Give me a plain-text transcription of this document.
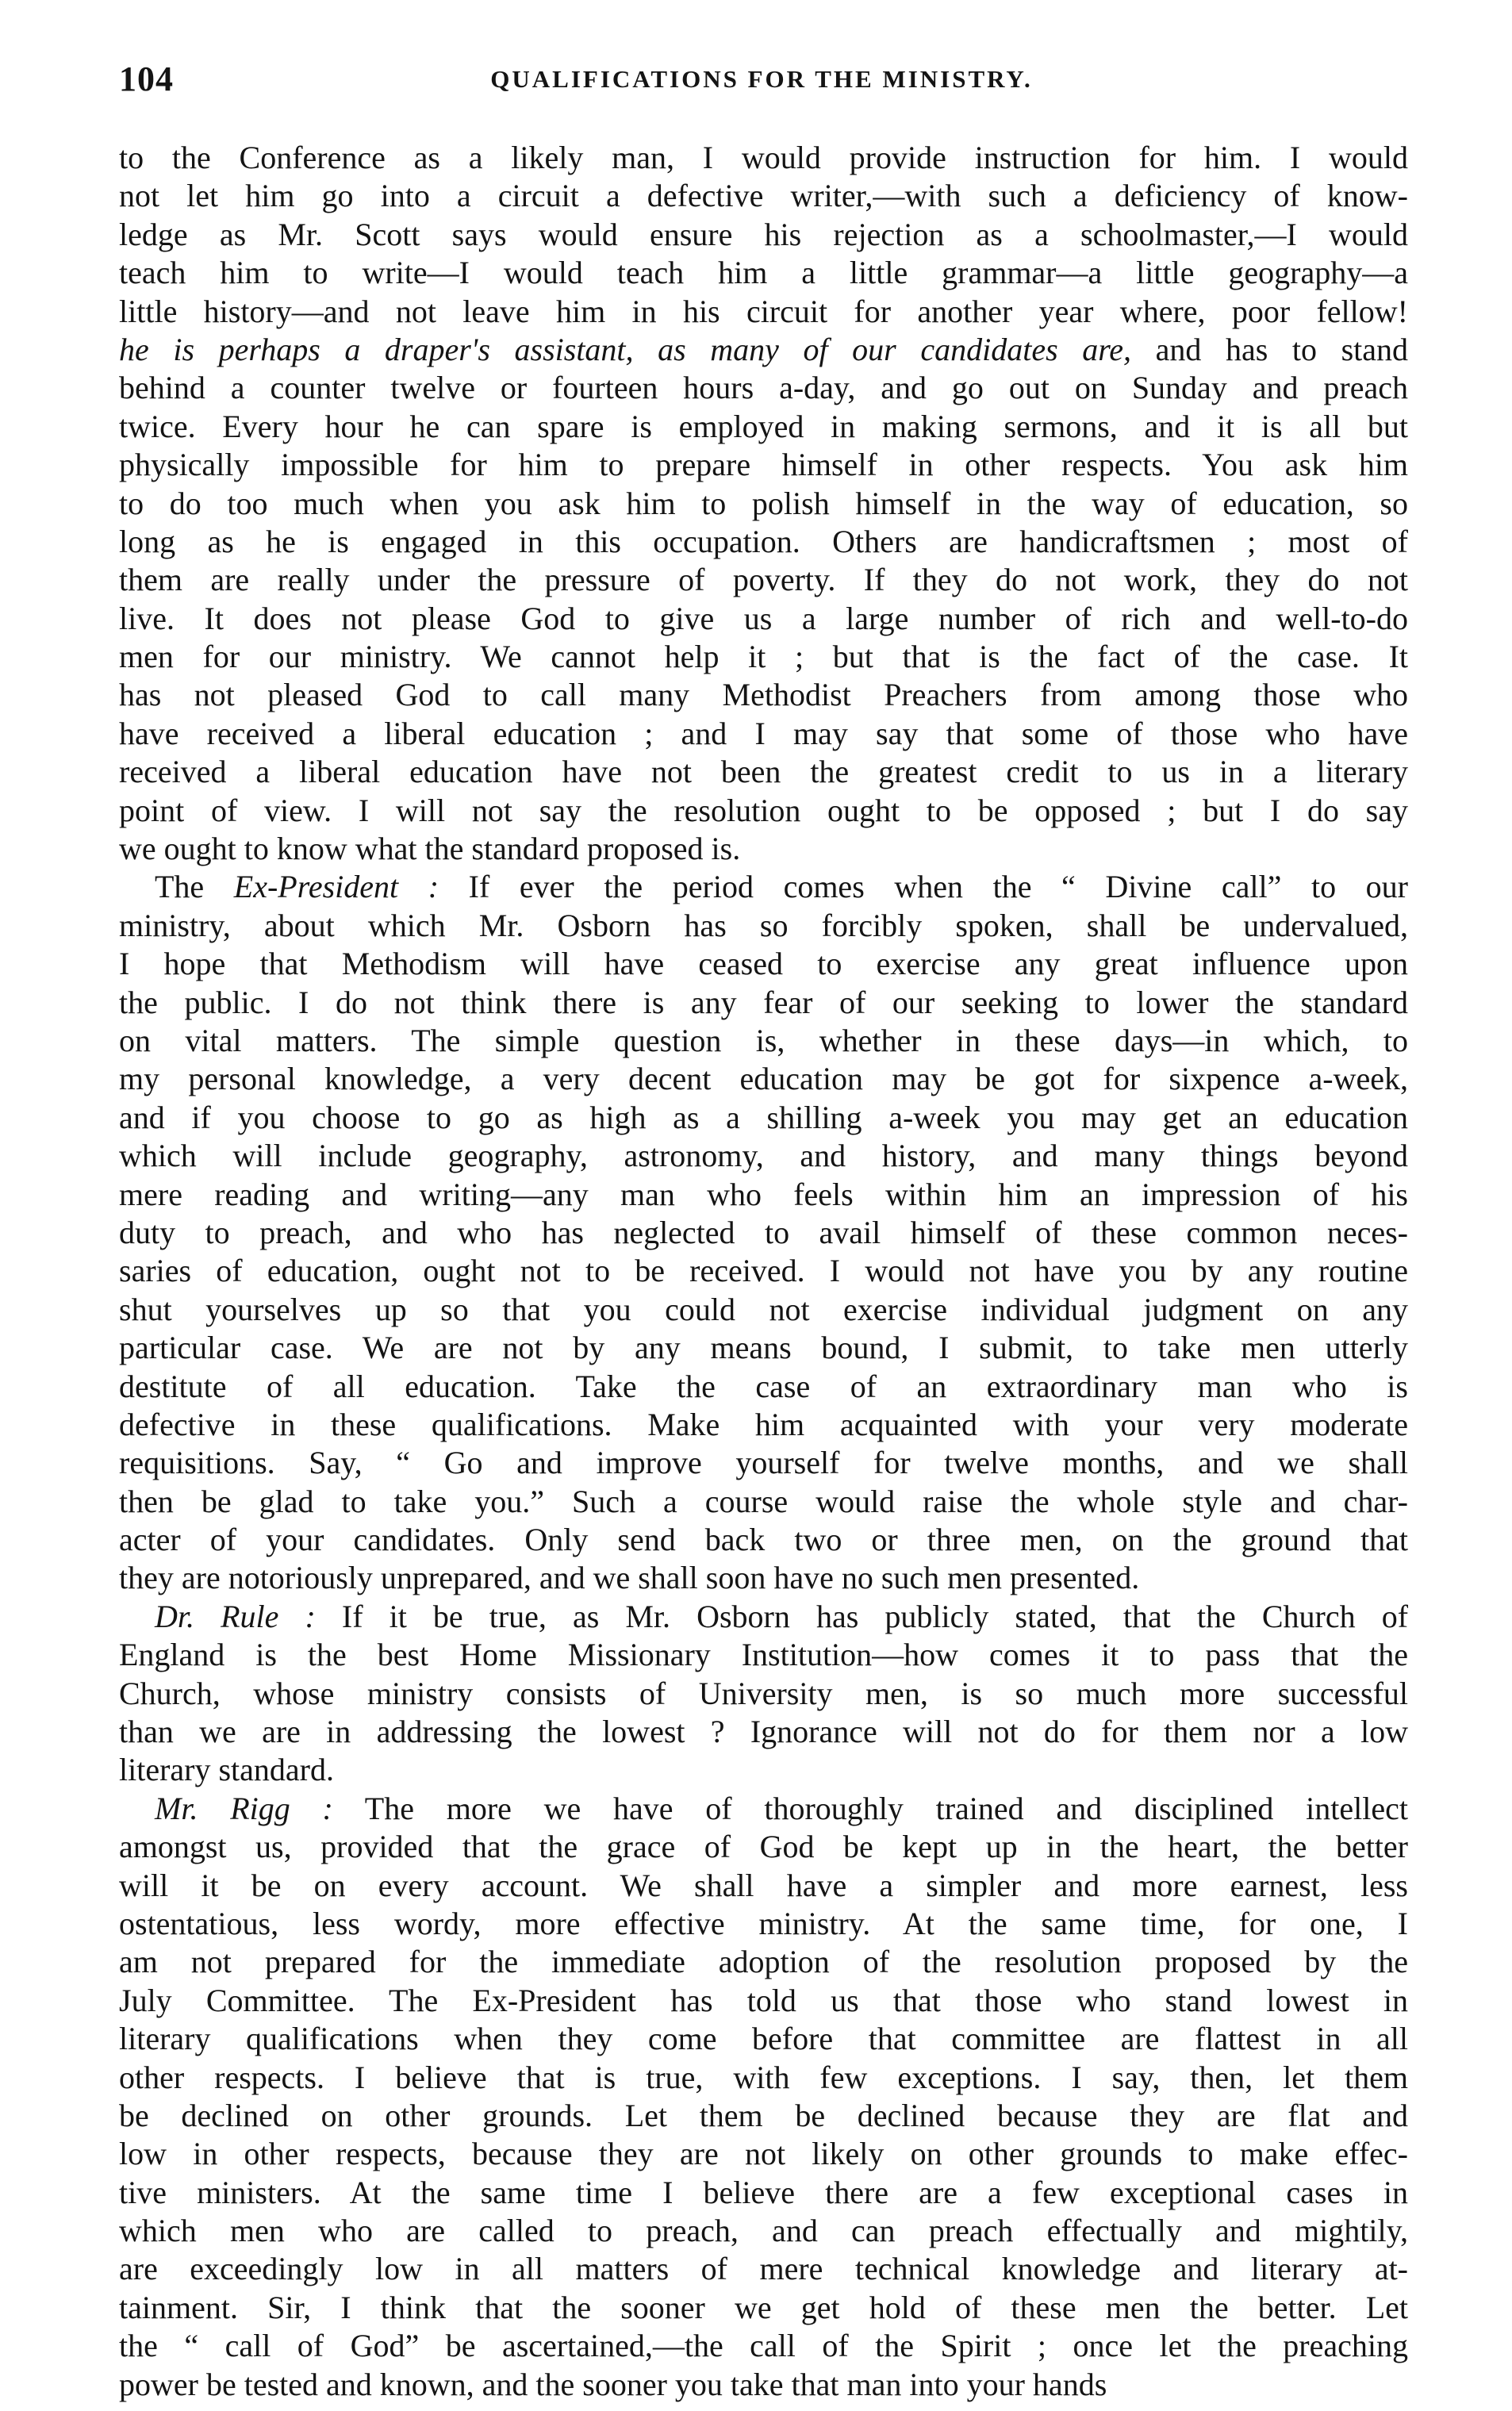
104	QUALIFICATIONS FOR THE MINISTRY.
to the Conference as a likely man, I would provide instruction for him. I would
not let him go into a circuit a defective writer,—with such a deficiency of know-
ledge as Mr. Scott says would ensure his rejection as a schoolmaster,—I would
teach him to write—I would teach him a little grammar—a little geography—a
little history—and not leave him in his circuit for another year where, poor fellow!
he is perhaps a draper's assistant, as many of our candidates are, and has to stand
behind a counter twelve or fourteen hours a-day, and go out on Sunday and preach
twice. Every hour he can spare is employed in making sermons, and it is all but
physically impossible for him to prepare himself in other respects. You ask him
to do too much when you ask him to polish himself in the way of education, so
long as he is engaged in this occupation. Others are handicraftsmen ; most of
them are really under the pressure of poverty. If they do not work, they do not
live. It does not please God to give us a large number of rich and well-to-do
men for our ministry. We cannot help it ; but that is the fact of the case. It
has not pleased God to call many Methodist Preachers from among those who
have received a liberal education ; and I may say that some of those who have
received a liberal education have not been the greatest credit to us in a literary
point of view. I will not say the resolution ought to be opposed ; but I do say
we ought to know what the standard proposed is.
The Ex-President : If ever the period comes when the “ Divine call” to our
ministry, about which Mr. Osborn has so forcibly spoken, shall be undervalued,
I hope that Methodism will have ceased to exercise any great influence upon
the public. I do not think there is any fear of our seeking to lower the standard
on vital matters. The simple question is, whether in these days—in which, to
my personal knowledge, a very decent education may be got for sixpence a-week,
and if you choose to go as high as a shilling a-week you may get an education
which will include geography, astronomy, and history, and many things beyond
mere reading and writing—any man who feels within him an impression of his
duty to preach, and who has neglected to avail himself of these common neces-
saries of education, ought not to be received. I would not have you by any routine
shut yourselves up so that you could not exercise individual judgment on any
particular case. We are not by any means bound, I submit, to take men utterly
destitute of all education. Take the case of an extraordinary man who is
defective in these qualifications. Make him acquainted with your very moderate
requisitions. Say, “ Go and improve yourself for twelve months, and we shall
then be glad to take you.” Such a course would raise the whole style and char-
acter of your candidates. Only send back two or three men, on the ground that
they are notoriously unprepared, and we shall soon have no such men presented.
Dr. Rule : If it be true, as Mr. Osborn has publicly stated, that the Church of
England is the best Home Missionary Institution—how comes it to pass that the
Church, whose ministry consists of University men, is so much more successful
than we are in addressing the lowest ? Ignorance will not do for them nor a low
literary standard.
Mr. Rigg : The more we have of thoroughly trained and disciplined intellect
amongst us, provided that the grace of God be kept up in the heart, the better
will it be on every account. We shall have a simpler and more earnest, less
ostentatious, less wordy, more effective ministry. At the same time, for one, I
am not prepared for the immediate adoption of the resolution proposed by the
July Committee. The Ex-President has told us that those who stand lowest in
literary qualifications when they come before that committee are flattest in all
other respects. I believe that is true, with few exceptions. I say, then, let them
be declined on other grounds. Let them be declined because they are flat and
low in other respects, because they are not likely on other grounds to make effec-
tive ministers. At the same time I believe there are a few exceptional cases in
which men who are called to preach, and can preach effectually and mightily,
are exceedingly low in all matters of mere technical knowledge and literary at-
tainment. Sir, I think that the sooner we get hold of these men the better. Let
the “ call of God” be ascertained,—the call of the Spirit ; once let the preaching
power be tested and known, and the sooner you take that man into your hands
